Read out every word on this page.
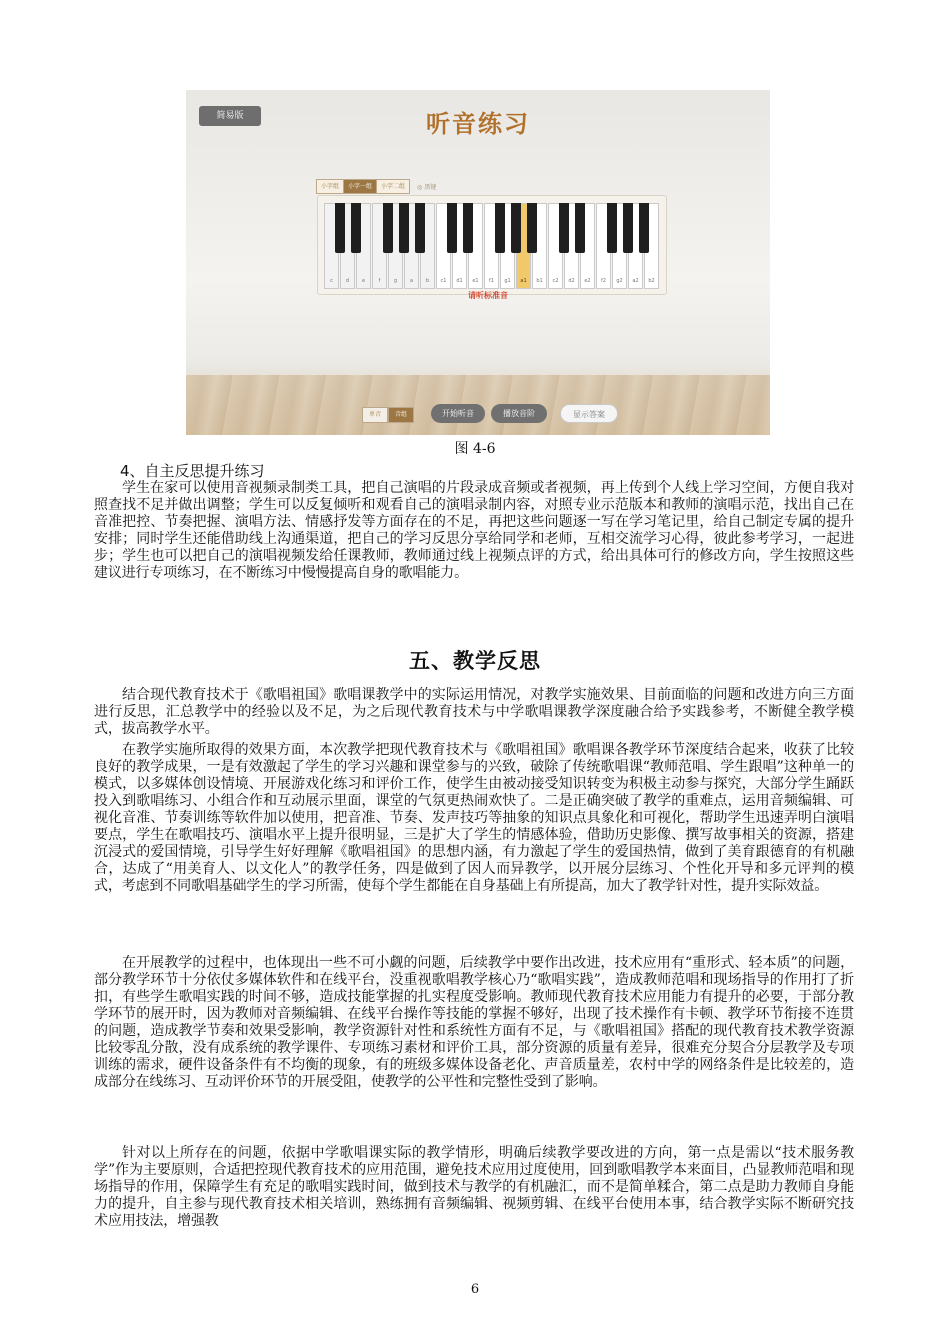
简易版	听音练习
小字组	小字一组	小字二组	◎ 黑键
c	d	e	f	g	a	b	c1	d1	e1	f1	g1	a1	b1	c2	d2	e2	f2	g2	a2	b2
请听标准音
单音	音组	开始听音	播放音阶	显示答案
图 4-6
4、自主反思提升练习

学生在家可以使用音视频录制类工具，把自己演唱的片段录成音频或者视频，再上传到个人线上学习空间，方便自我对照查找不足并做出调整；学生可以反复倾听和观看自己的演唱录制内容，对照专业示范版本和教师的演唱示范，找出自己在音准把控、节奏把握、演唱方法、情感抒发等方面存在的不足，再把这些问题逐一写在学习笔记里，给自己制定专属的提升安排；同时学生还能借助线上沟通渠道，把自己的学习反思分享给同学和老师，互相交流学习心得，彼此参考学习，一起进步；学生也可以把自己的演唱视频发给任课教师，教师通过线上视频点评的方式，给出具体可行的修改方向，学生按照这些建议进行专项练习，在不断练习中慢慢提高自身的歌唱能力。

五、教学反思

结合现代教育技术于《歌唱祖国》歌唱课教学中的实际运用情况，对教学实施效果、目前面临的问题和改进方向三方面进行反思，汇总教学中的经验以及不足，为之后现代教育技术与中学歌唱课教学深度融合给予实践参考，不断健全教学模式，拔高教学水平。

在教学实施所取得的效果方面，本次教学把现代教育技术与《歌唱祖国》歌唱课各教学环节深度结合起来，收获了比较良好的教学成果，一是有效激起了学生的学习兴趣和课堂参与的兴致，破除了传统歌唱课“教师范唱、学生跟唱”这种单一的模式，以多媒体创设情境、开展游戏化练习和评价工作，使学生由被动接受知识转变为积极主动参与探究，大部分学生踊跃投入到歌唱练习、小组合作和互动展示里面，课堂的气氛更热闹欢快了。二是正确突破了教学的重难点，运用音频编辑、可视化音准、节奏训练等软件加以使用，把音准、节奏、发声技巧等抽象的知识点具象化和可视化，帮助学生迅速弄明白演唱要点，学生在歌唱技巧、演唱水平上提升很明显，三是扩大了学生的情感体验，借助历史影像、撰写故事相关的资源，搭建沉浸式的爱国情境，引导学生好好理解《歌唱祖国》的思想内涵，有力激起了学生的爱国热情，做到了美育跟德育的有机融合，达成了“用美育人、以文化人”的教学任务，四是做到了因人而异教学，以开展分层练习、个性化开导和多元评判的模式，考虑到不同歌唱基础学生的学习所需，使每个学生都能在自身基础上有所提高，加大了教学针对性，提升实际效益。

在开展教学的过程中，也体现出一些不可小觑的问题，后续教学中要作出改进，技术应用有“重形式、轻本质”的问题，部分教学环节十分依仗多媒体软件和在线平台，没重视歌唱教学核心乃“歌唱实践”，造成教师范唱和现场指导的作用打了折扣，有些学生歌唱实践的时间不够，造成技能掌握的扎实程度受影响。教师现代教育技术应用能力有提升的必要，于部分教学环节的展开时，因为教师对音频编辑、在线平台操作等技能的掌握不够好，出现了技术操作有卡顿、教学环节衔接不连贯的问题，造成教学节奏和效果受影响，教学资源针对性和系统性方面有不足，与《歌唱祖国》搭配的现代教育技术教学资源比较零乱分散，没有成系统的教学课件、专项练习素材和评价工具，部分资源的质量有差异，很难充分契合分层教学及专项训练的需求，硬件设备条件有不均衡的现象，有的班级多媒体设备老化、声音质量差，农村中学的网络条件是比较差的，造成部分在线练习、互动评价环节的开展受阻，使教学的公平性和完整性受到了影响。

针对以上所存在的问题，依据中学歌唱课实际的教学情形，明确后续教学要改进的方向，第一点是需以“技术服务教学”作为主要原则，合适把控现代教育技术的应用范围，避免技术应用过度使用，回到歌唱教学本来面目，凸显教师范唱和现场指导的作用，保障学生有充足的歌唱实践时间，做到技术与教学的有机融汇，而不是简单糅合，第二点是助力教师自身能力的提升，自主参与现代教育技术相关培训，熟练拥有音频编辑、视频剪辑、在线平台使用本事，结合教学实际不断研究技术应用技法，增强教

6
